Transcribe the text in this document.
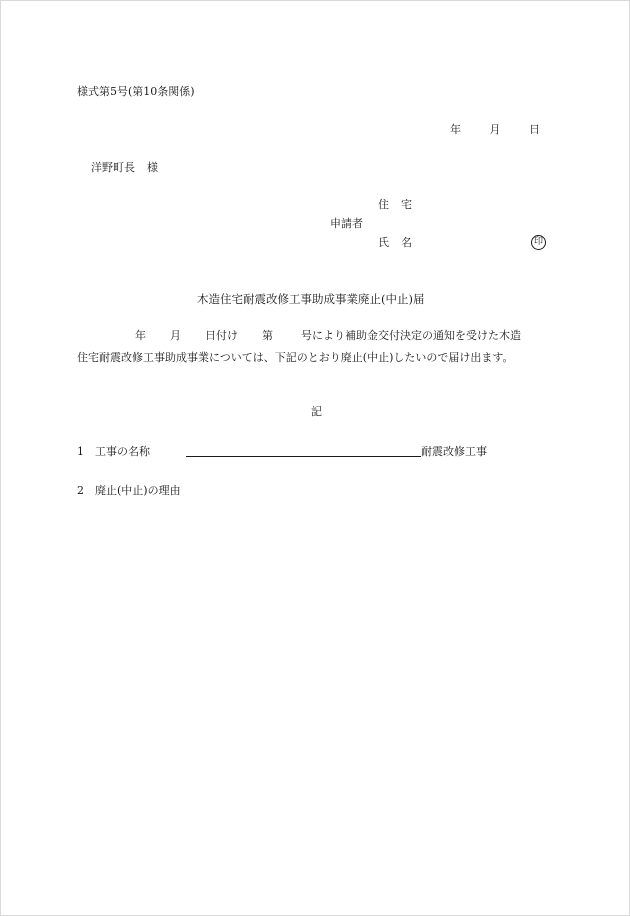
様式第5号(第10条関係)
年	月	日
洋野町長 様
住宅
申請者
氏名	印
木造住宅耐震改修工事助成事業廃止(中止)届
年 月 日付け 第	号により補助金交付決定の通知を受けた木造
住宅耐震改修工事助成事業については、下記のとおり廃止(中止)したいので届け出ます。
記
1 工事の名称	耐震改修工事
2 廃止(中止)の理由
